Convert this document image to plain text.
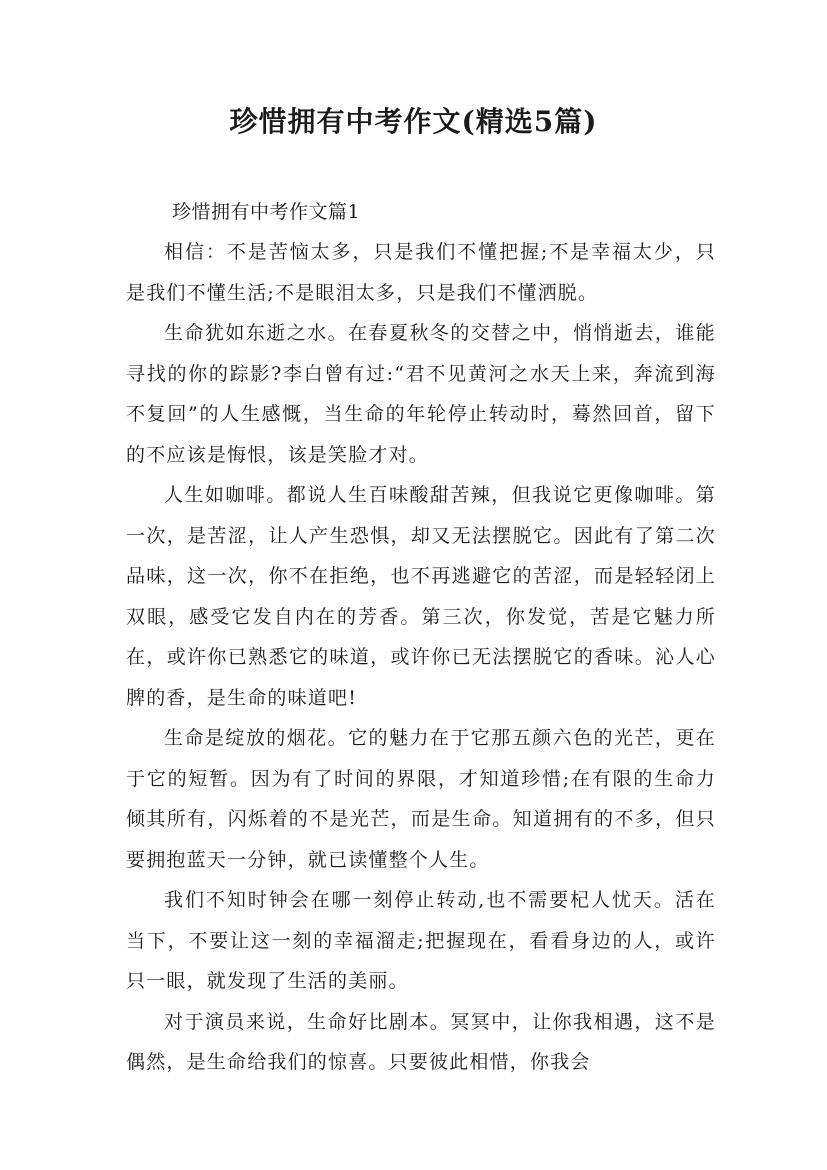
珍惜拥有中考作文(精选5篇)
珍惜拥有中考作文篇1

相信：不是苦恼太多，只是我们不懂把握;不是幸福太少，只是我们不懂生活;不是眼泪太多，只是我们不懂洒脱。

生命犹如东逝之水。在春夏秋冬的交替之中，悄悄逝去，谁能寻找的你的踪影?李白曾有过:“君不见黄河之水天上来，奔流到海不复回”的人生感慨，当生命的年轮停止转动时，蓦然回首，留下的不应该是悔恨，该是笑脸才对。

人生如咖啡。都说人生百味酸甜苦辣，但我说它更像咖啡。第一次，是苦涩，让人产生恐惧，却又无法摆脱它。因此有了第二次品味，这一次，你不在拒绝，也不再逃避它的苦涩，而是轻轻闭上双眼，感受它发自内在的芳香。第三次，你发觉，苦是它魅力所在，或许你已熟悉它的味道，或许你已无法摆脱它的香味。沁人心脾的香，是生命的味道吧!

生命是绽放的烟花。它的魅力在于它那五颜六色的光芒，更在于它的短暂。因为有了时间的界限，才知道珍惜;在有限的生命力倾其所有，闪烁着的不是光芒，而是生命。知道拥有的不多，但只要拥抱蓝天一分钟，就已读懂整个人生。

我们不知时钟会在哪一刻停止转动,也不需要杞人忧天。活在当下，不要让这一刻的幸福溜走;把握现在，看看身边的人，或许只一眼，就发现了生活的美丽。

对于演员来说，生命好比剧本。冥冥中，让你我相遇，这不是偶然，是生命给我们的惊喜。只要彼此相惜，你我会
